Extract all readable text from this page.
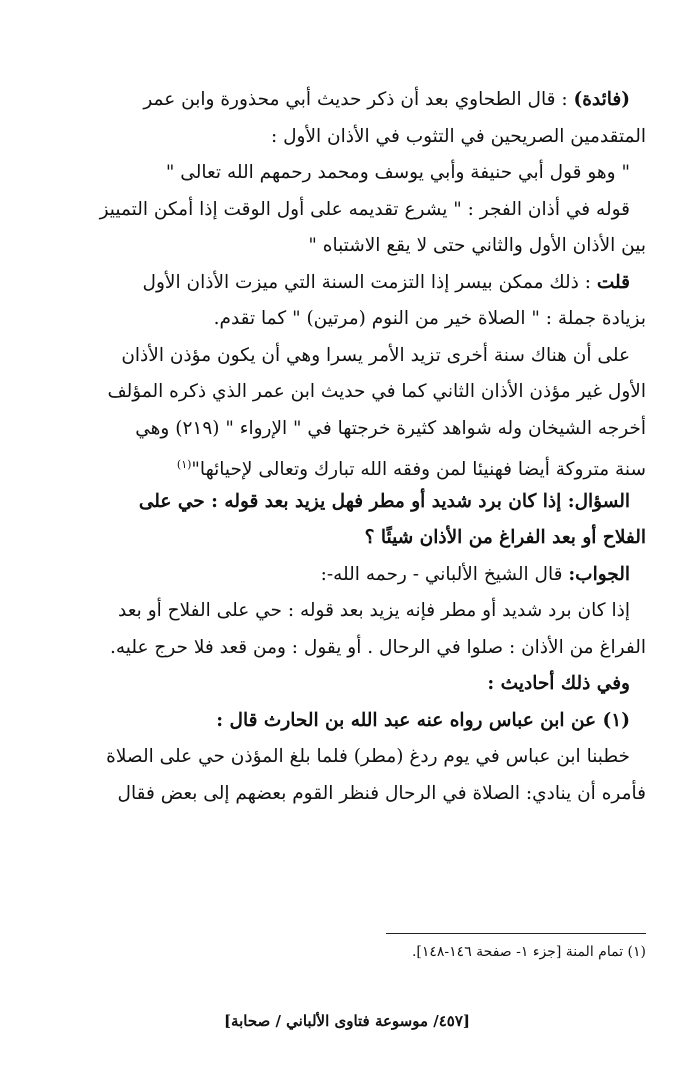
(فائدة) : قال الطحاوي بعد أن ذكر حديث أبي محذورة وابن عمر
المتقدمين الصريحين في التثوب في الأذان الأول :
" وهو قول أبي حنيفة وأبي يوسف ومحمد رحمهم الله تعالى "
قوله في أذان الفجر : " يشرع تقديمه على أول الوقت إذا أمكن التمييز
بين الأذان الأول والثاني حتى لا يقع الاشتباه "
قلت : ذلك ممكن بيسر إذا التزمت السنة التي ميزت الأذان الأول
بزيادة جملة : " الصلاة خير من النوم (مرتين) " كما تقدم.
على أن هناك سنة أخرى تزيد الأمر يسرا وهي أن يكون مؤذن الأذان
الأول غير مؤذن الأذان الثاني كما في حديث ابن عمر الذي ذكره المؤلف
أخرجه الشيخان وله شواهد كثيرة خرجتها في " الإرواء " (٢١٩) وهي
سنة متروكة أيضا فهنيئا لمن وفقه الله تبارك وتعالى لإحيائها"$^{(١)}$
السؤال: إذا كان برد شديد أو مطر فهل يزيد بعد قوله : حي على
الفلاح أو بعد الفراغ من الأذان شيئًا ؟
الجواب: قال الشيخ الألباني - رحمه الله-:
إذا كان برد شديد أو مطر فإنه يزيد بعد قوله : حي على الفلاح أو بعد
الفراغ من الأذان : صلوا في الرحال . أو يقول : ومن قعد فلا حرج عليه.
وفي ذلك أحاديث :
(١) عن ابن عباس رواه عنه عبد الله بن الحارث قال :
خطبنا ابن عباس في يوم ردغ (مطر) فلما بلغ المؤذن حي على الصلاة
فأمره أن ينادي: الصلاة في الرحال فنظر القوم بعضهم إلى بعض فقال
(١) تمام المنة [جزء ١- صفحة ١٤٦-١٤٨].
[٤٥٧/ موسوعة فتاوى الألباني / صحابة]
